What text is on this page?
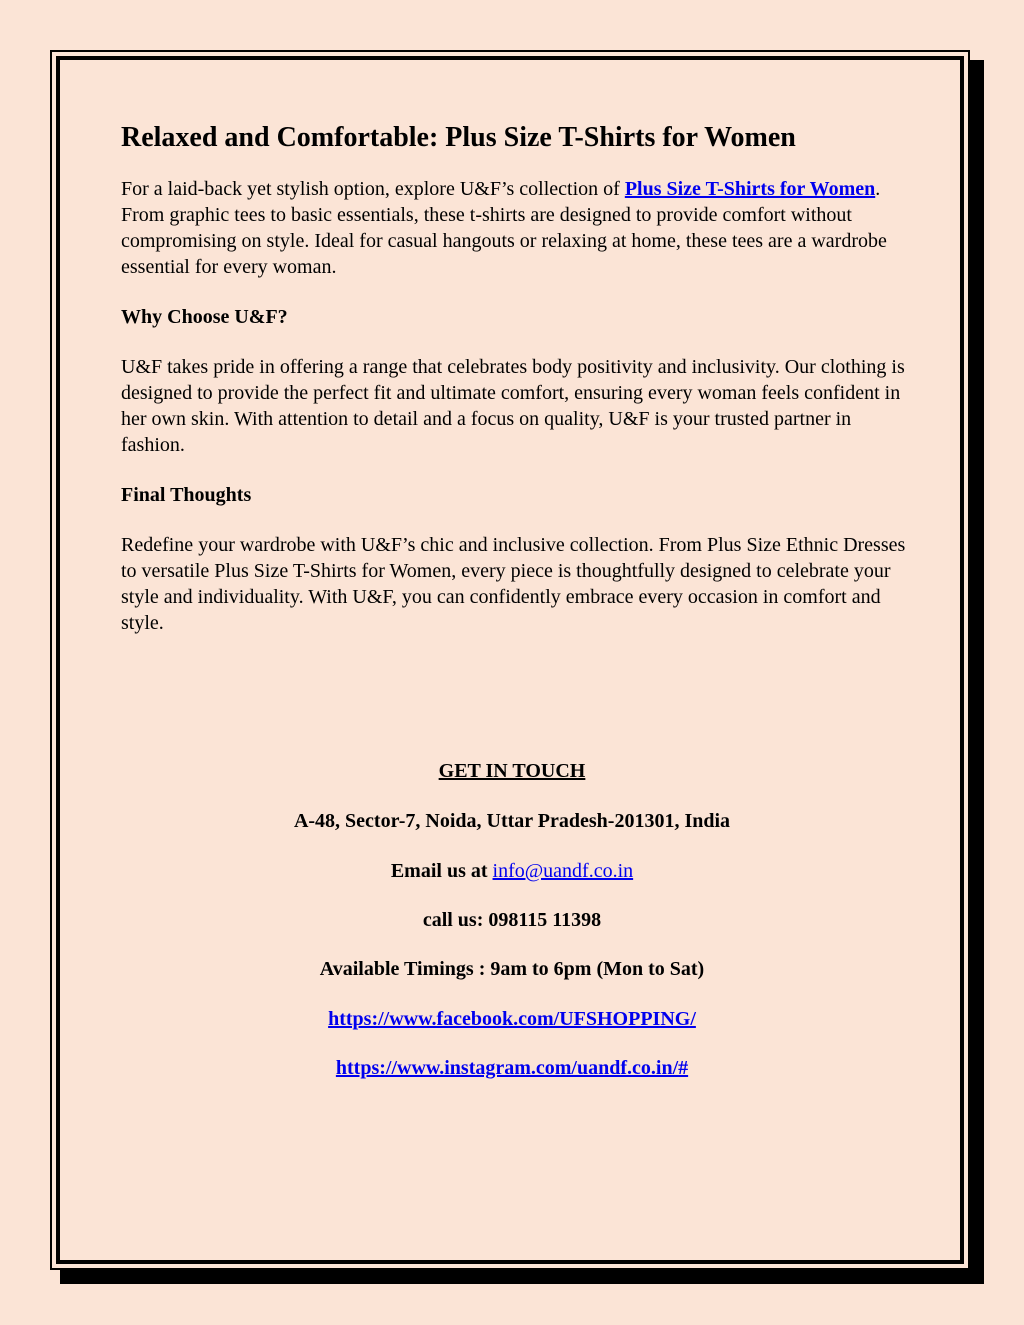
Relaxed and Comfortable: Plus Size T-Shirts for Women

For a laid-back yet stylish option, explore U&F’s collection of Plus Size T-Shirts for Women. From graphic tees to basic essentials, these t-shirts are designed to provide comfort without compromising on style. Ideal for casual hangouts or relaxing at home, these tees are a wardrobe essential for every woman.

Why Choose U&F?

U&F takes pride in offering a range that celebrates body positivity and inclusivity. Our clothing is designed to provide the perfect fit and ultimate comfort, ensuring every woman feels confident in her own skin. With attention to detail and a focus on quality, U&F is your trusted partner in fashion.

Final Thoughts

Redefine your wardrobe with U&F’s chic and inclusive collection. From Plus Size Ethnic Dresses to versatile Plus Size T-Shirts for Women, every piece is thoughtfully designed to celebrate your style and individuality. With U&F, you can confidently embrace every occasion in comfort and style.

GET IN TOUCH
A-48, Sector-7, Noida, Uttar Pradesh-201301, India
Email us at info@uandf.co.in
call us: 098115 11398
Available Timings : 9am to 6pm (Mon to Sat)
https://www.facebook.com/UFSHOPPING/
https://www.instagram.com/uandf.co.in/#
